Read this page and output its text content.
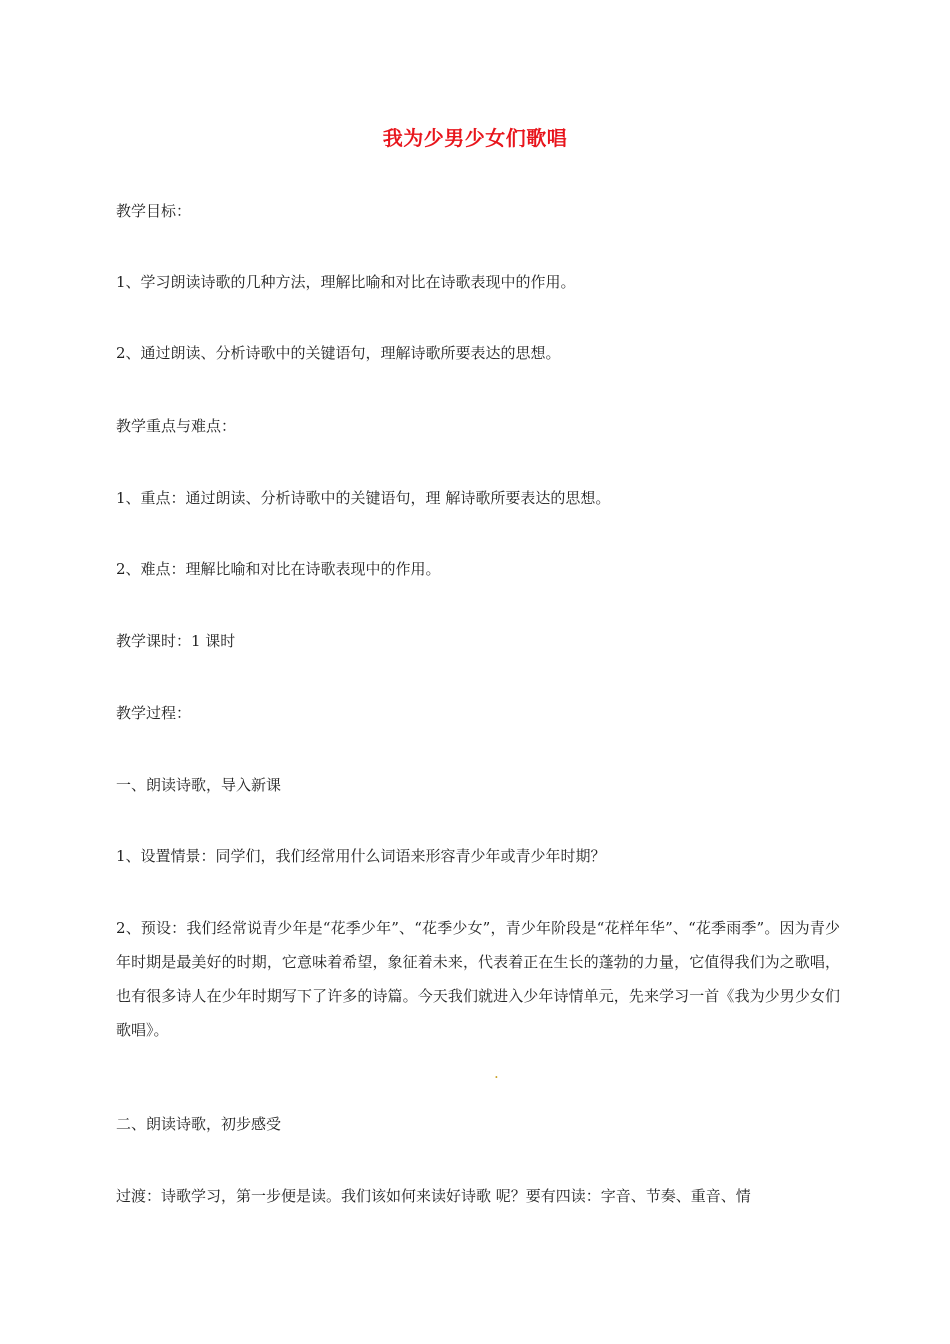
我为少男少女们歌唱
教学目标：
1、学习朗读诗歌的几种方法，理解比喻和对比在诗歌表现中的作用。
2、通过朗读、分析诗歌中的关键语句，理解诗歌所要表达的思想。
教学重点与难点：
1、重点：通过朗读、分析诗歌中的关键语句，理 解诗歌所要表达的思想。
2、难点：理解比喻和对比在诗歌表现中的作用。
教学课时：1 课时
教学过程：
一、朗读诗歌，导入新课
1、设置情景：同学们，我们经常用什么词语来形容青少年或青少年时期？
2、预设：我们经常说青少年是“花季少年”、“花季少女”，青少年阶段是“花样年华”、“花季雨季”。因为青少年时期是最美好的时期，它意味着希望，象征着未来，代表着正在生长的蓬勃的力量，它值得我们为之歌唱，也有很多诗人在少年时期写下了许多的诗篇。今天我们就进入少年诗情单元，先来学习一首《我为少男少女们歌唱》。
.
二、朗读诗歌，初步感受
过渡：诗歌学习，第一步便是读。我们该如何来读好诗歌 呢？要有四读：字音、节奏、重音、情
